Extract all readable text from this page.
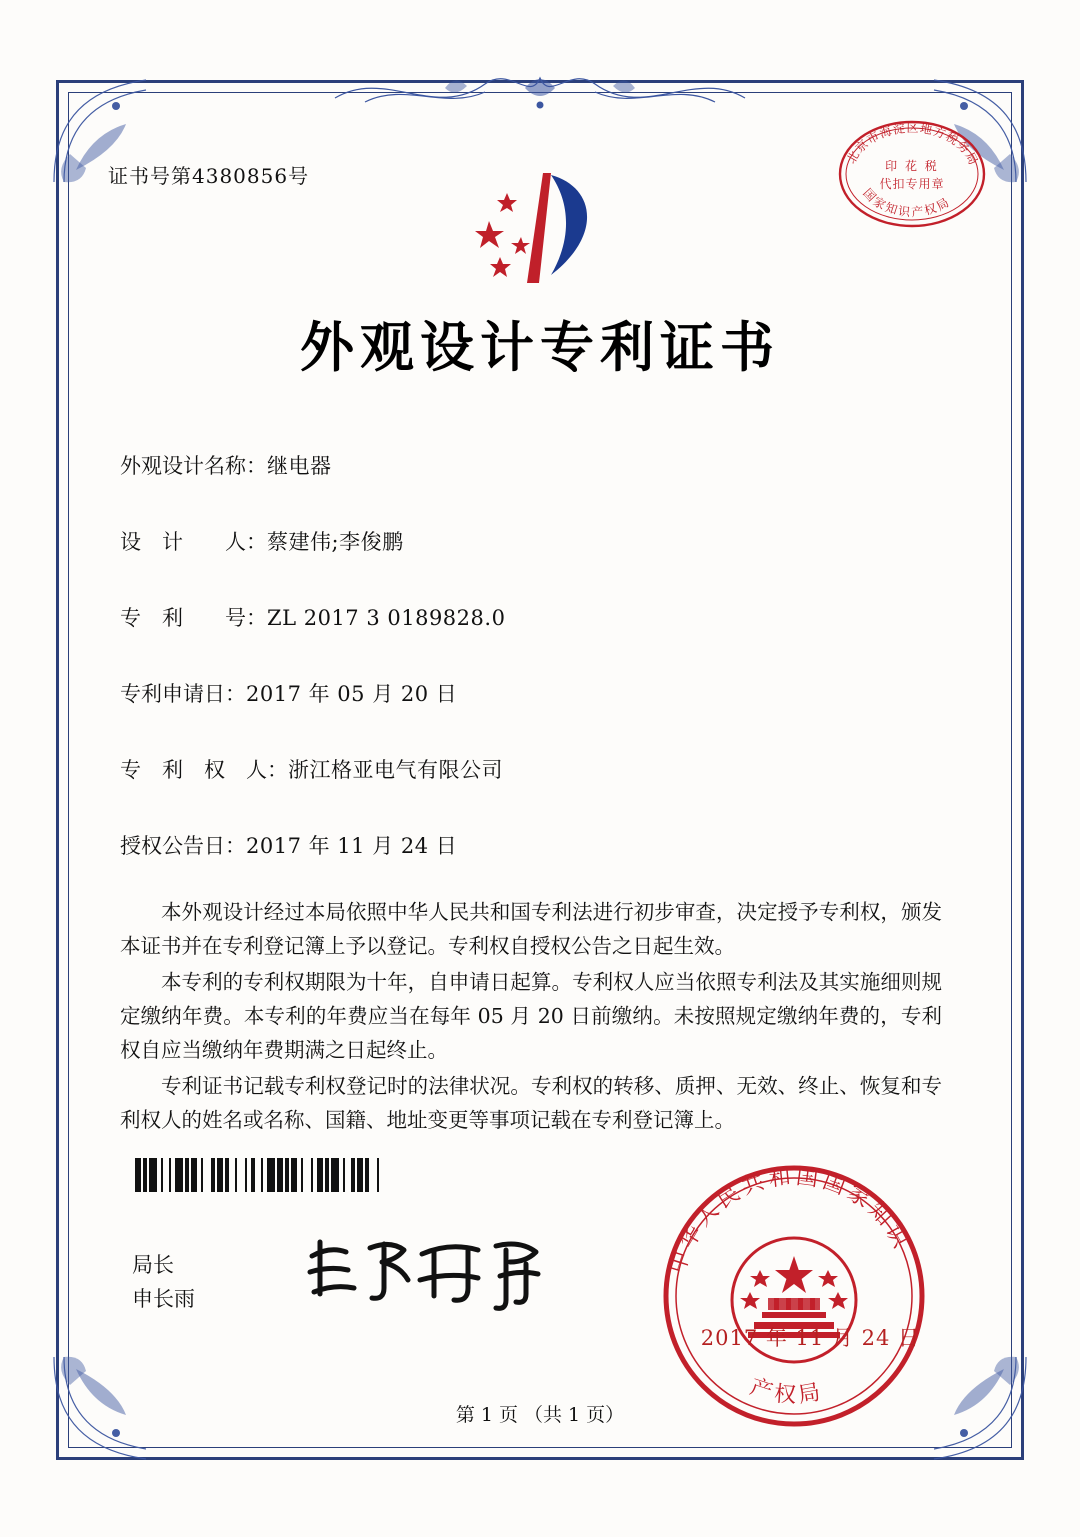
证书号第4380856号
北京市海淀区地方税务局
国家知识产权局
印 花 税
代扣专用章
外观设计专利证书
外观设计名称：继电器
设　计　　人：蔡建伟;李俊鹏
专　利　　号：ZL 2017 3 0189828.0
专利申请日：2017 年 05 月 20 日
专　利　权　人：浙江格亚电气有限公司
授权公告日：2017 年 11 月 24 日

本外观设计经过本局依照中华人民共和国专利法进行初步审查，决定授予专利权，颁发本证书并在专利登记簿上予以登记。专利权自授权公告之日起生效。

本专利的专利权期限为十年，自申请日起算。专利权人应当依照专利法及其实施细则规定缴纳年费。本专利的年费应当在每年 05 月 20 日前缴纳。未按照规定缴纳年费的，专利权自应当缴纳年费期满之日起终止。

专利证书记载专利权登记时的法律状况。专利权的转移、质押、无效、终止、恢复和专利权人的姓名或名称、国籍、地址变更等事项记载在专利登记簿上。

局长
申长雨
中华人民共和国国家知识
产权局
2017 年 11 月 24 日
第 1 页 （共 1 页）
